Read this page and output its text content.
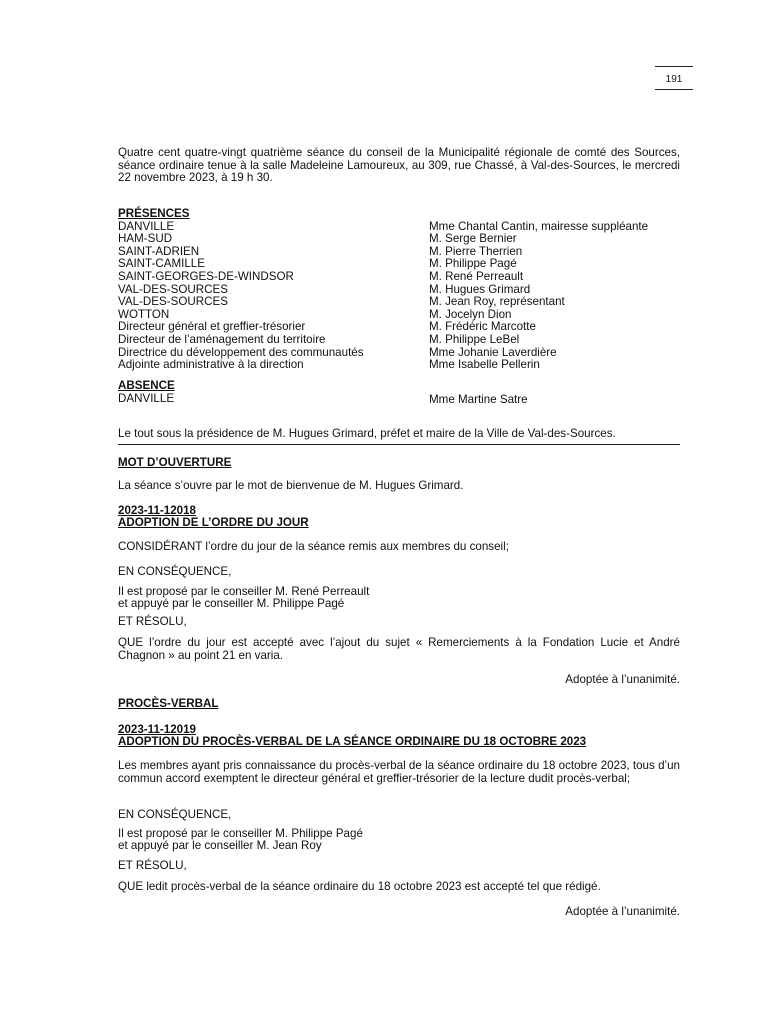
191
Quatre cent quatre-vingt quatrième séance du conseil de la Municipalité régionale de comté des Sources, séance ordinaire tenue à la salle Madeleine Lamoureux, au 309, rue Chassé, à Val-des-Sources, le mercredi 22 novembre 2023, à 19 h 30.
PRÉSENCES
DANVILLE	Mme Chantal Cantin, mairesse suppléante
HAM-SUD	M. Serge Bernier
SAINT-ADRIEN	M. Pierre Therrien
SAINT-CAMILLE	M. Philippe Pagé
SAINT-GEORGES-DE-WINDSOR	M. René Perreault
VAL-DES-SOURCES	M. Hugues Grimard
VAL-DES-SOURCES	M. Jean Roy, représentant
WOTTON	M. Jocelyn Dion
Directeur général et greffier-trésorier	M. Frédéric Marcotte
Directeur de l’aménagement du territoire	M. Philippe LeBel
Directrice du développement des communautés	Mme Johanie Laverdière
Adjointe administrative à la direction	Mme Isabelle Pellerin
ABSENCE
DANVILLE	Mme Martine Satre
Le tout sous la présidence de M. Hugues Grimard, préfet et maire de la Ville de Val-des-Sources.
MOT D’OUVERTURE
La séance s’ouvre par le mot de bienvenue de M. Hugues Grimard.
2023-11-12018
ADOPTION DE L’ORDRE DU JOUR
CONSIDÉRANT l’ordre du jour de la séance remis aux membres du conseil;
EN CONSÉQUENCE,
Il est proposé par le conseiller M. René Perreault
et appuyé par le conseiller M. Philippe Pagé
ET RÉSOLU,
QUE l’ordre du jour est accepté avec l’ajout du sujet « Remerciements à la Fondation Lucie et André Chagnon » au point 21 en varia.
Adoptée à l’unanimité.
PROCÈS-VERBAL
2023-11-12019
ADOPTION DU PROCÈS-VERBAL DE LA SÉANCE ORDINAIRE DU 18 OCTOBRE 2023
Les membres ayant pris connaissance du procès-verbal de la séance ordinaire du 18 octobre 2023, tous d’un commun accord exemptent le directeur général et greffier-trésorier de la lecture dudit procès-verbal;
EN CONSÉQUENCE,
Il est proposé par le conseiller M. Philippe Pagé
et appuyé par le conseiller M. Jean Roy
ET RÉSOLU,
QUE ledit procès-verbal de la séance ordinaire du 18 octobre 2023 est accepté tel que rédigé.
Adoptée à l’unanimité.
